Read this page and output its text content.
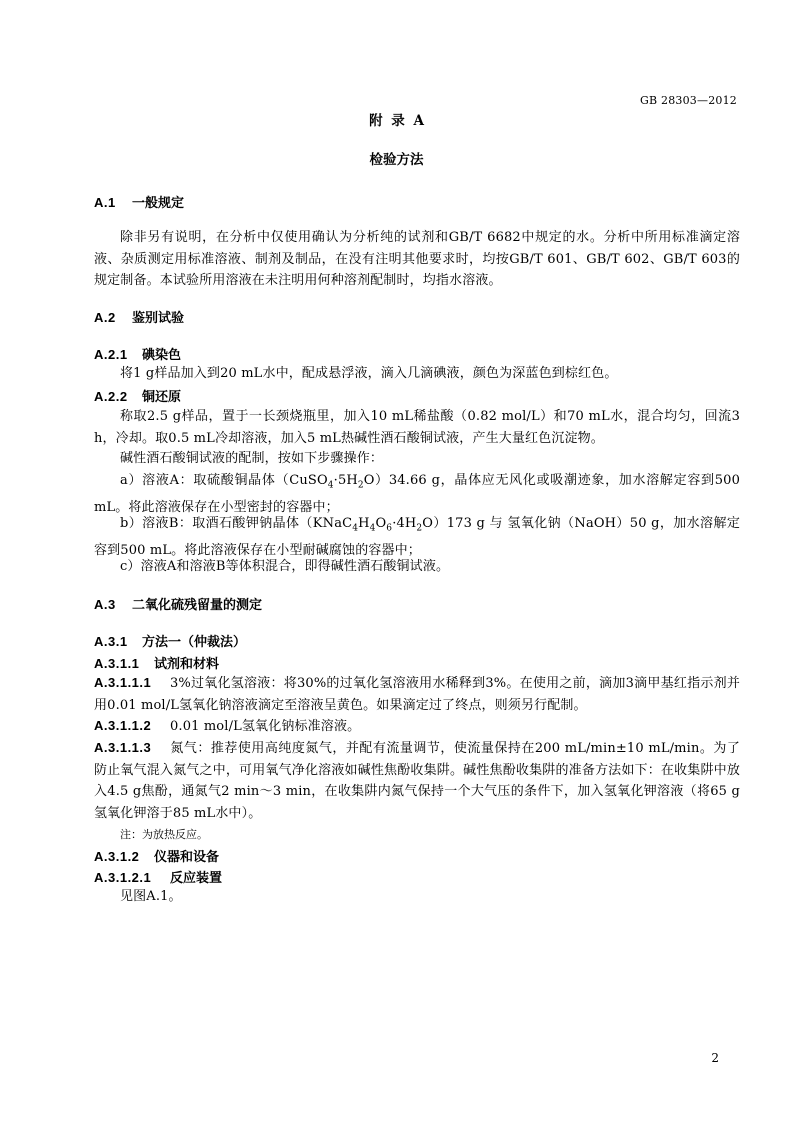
GB 28303—2012
附 录 A
检验方法
A.1 一般规定
除非另有说明，在分析中仅使用确认为分析纯的试剂和GB/T 6682中规定的水。分析中所用标准滴定溶液、杂质测定用标准溶液、制剂及制品，在没有注明其他要求时，均按GB/T 601、GB/T 602、GB/T 603的规定制备。本试验所用溶液在未注明用何种溶剂配制时，均指水溶液。
A.2 鉴别试验
A.2.1 碘染色
将1 g样品加入到20 mL水中，配成悬浮液，滴入几滴碘液，颜色为深蓝色到棕红色。
A.2.2 铜还原
称取2.5 g样品，置于一长颈烧瓶里，加入10 mL稀盐酸（0.82 mol/L）和70 mL水，混合均匀，回流3 h，冷却。取0.5 mL冷却溶液，加入5 mL热碱性酒石酸铜试液，产生大量红色沉淀物。
碱性酒石酸铜试液的配制，按如下步骤操作：
a）溶液A：取硫酸铜晶体$(CuSO_4\cdot 5H_2O)34.66$ g，晶体应无风化或吸潮迹象，加水溶解定容到500 mL。将此溶液保存在小型密封的容器中；
b）溶液B：取酒石酸钾钠晶体$(KNaC_4H_4O_6\cdot 4H_2O)173$ g 与 氢氧化钠（NaOH）50 g，加水溶解定容到500 mL。将此溶液保存在小型耐碱腐蚀的容器中；
c）溶液A和溶液B等体积混合，即得碱性酒石酸铜试液。
A.3 二氧化硫残留量的测定
A.3.1 方法一（仲裁法）
A.3.1.1 试剂和材料
A.3.1.1.1 3%过氧化氢溶液：将30%的过氧化氢溶液用水稀释到3%。在使用之前，滴加3滴甲基红指示剂并用0.01 mol/L氢氧化钠溶液滴定至溶液呈黄色。如果滴定过了终点，则须另行配制。
A.3.1.1.2 0.01 mol/L氢氧化钠标准溶液。
A.3.1.1.3 氮气：推荐使用高纯度氮气，并配有流量调节，使流量保持在200 mL/min±10 mL/min。为了防止氧气混入氮气之中，可用氧气净化溶液如碱性焦酚收集阱。碱性焦酚收集阱的准备方法如下：在收集阱中放入4.5 g焦酚，通氮气2 min～3 min，在收集阱内氮气保持一个大气压的条件下，加入氢氧化钾溶液（将65 g氢氧化钾溶于85 mL水中）。
注：为放热反应。
A.3.1.2 仪器和设备
A.3.1.2.1 反应装置
见图A.1。
2
